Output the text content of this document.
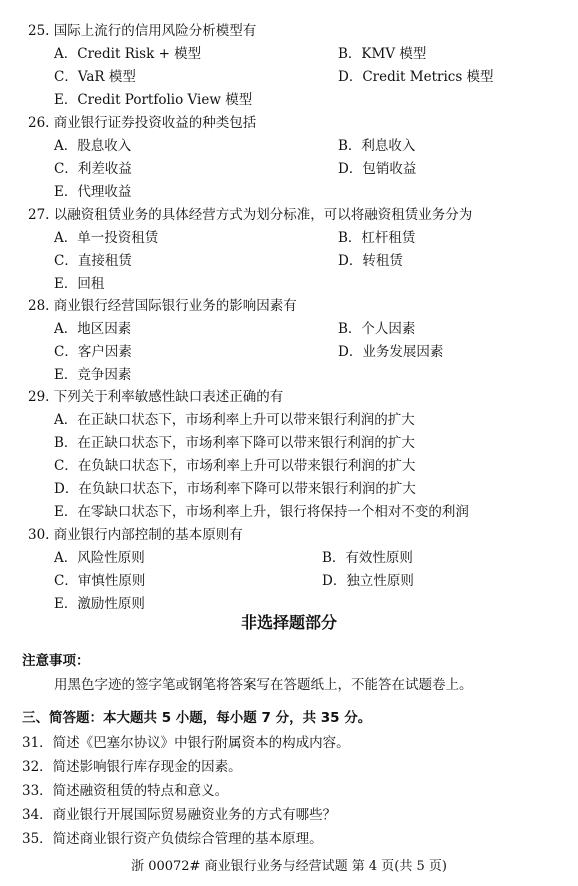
25. 国际上流行的信用风险分析模型有
A．Credit Risk + 模型	B．KMV 模型
C．VaR 模型	D．Credit Metrics 模型
E．Credit Portfolio View 模型
26. 商业银行证券投资收益的种类包括
A．股息收入	B．利息收入
C．利差收益	D．包销收益
E．代理收益
27. 以融资租赁业务的具体经营方式为划分标准，可以将融资租赁业务分为
A．单一投资租赁	B．杠杆租赁
C．直接租赁	D．转租赁
E．回租
28. 商业银行经营国际银行业务的影响因素有
A．地区因素	B．个人因素
C．客户因素	D．业务发展因素
E．竞争因素
29. 下列关于利率敏感性缺口表述正确的有
A．在正缺口状态下，市场利率上升可以带来银行利润的扩大
B．在正缺口状态下，市场利率下降可以带来银行利润的扩大
C．在负缺口状态下，市场利率上升可以带来银行利润的扩大
D．在负缺口状态下，市场利率下降可以带来银行利润的扩大
E．在零缺口状态下，市场利率上升，银行将保持一个相对不变的利润
30. 商业银行内部控制的基本原则有
A．风险性原则	B．有效性原则
C．审慎性原则	D．独立性原则
E．激励性原则
非选择题部分
注意事项：
用黑色字迹的签字笔或钢笔将答案写在答题纸上，不能答在试题卷上。
三、简答题：本大题共 5 小题，每小题 7 分，共 35 分。
31．简述《巴塞尔协议》中银行附属资本的构成内容。
32．简述影响银行库存现金的因素。
33．简述融资租赁的特点和意义。
34．商业银行开展国际贸易融资业务的方式有哪些？
35．简述商业银行资产负债综合管理的基本原理。
浙 00072# 商业银行业务与经营试题 第 4 页(共 5 页)
